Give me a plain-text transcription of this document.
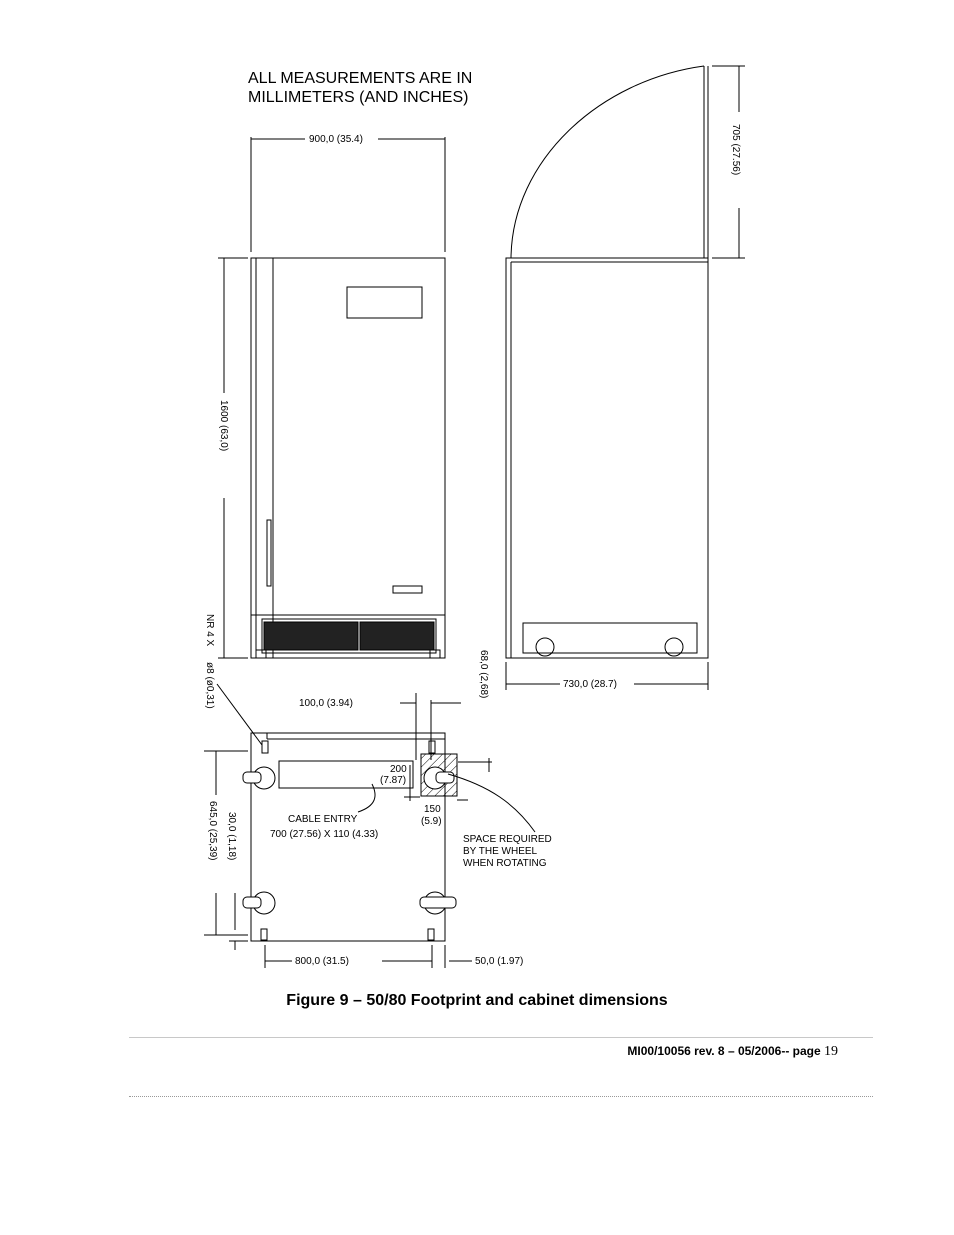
ALL MEASUREMENTS ARE IN
MILLIMETERS (AND INCHES)
900,0 (35.4)
1600 (63,0)
705 (27.56)
730,0 (28.7)
68,0 (2,68)
NR 4 X
ø8 (ø0,31)	100,0 (3.94)
200
(7.87)
150
(5.9)
645,0 (25,39) 30,0 (1,18)	CABLE ENTRY
700 (27.56) X 110 (4.33)	SPACE REQUIRED
BY THE WHEEL
WHEN ROTATING
800,0 (31.5)	50,0 (1.97)
Figure 9 – 50/80 Footprint and cabinet dimensions
MI00/10056 rev. 8 – 05/2006-- page 19
